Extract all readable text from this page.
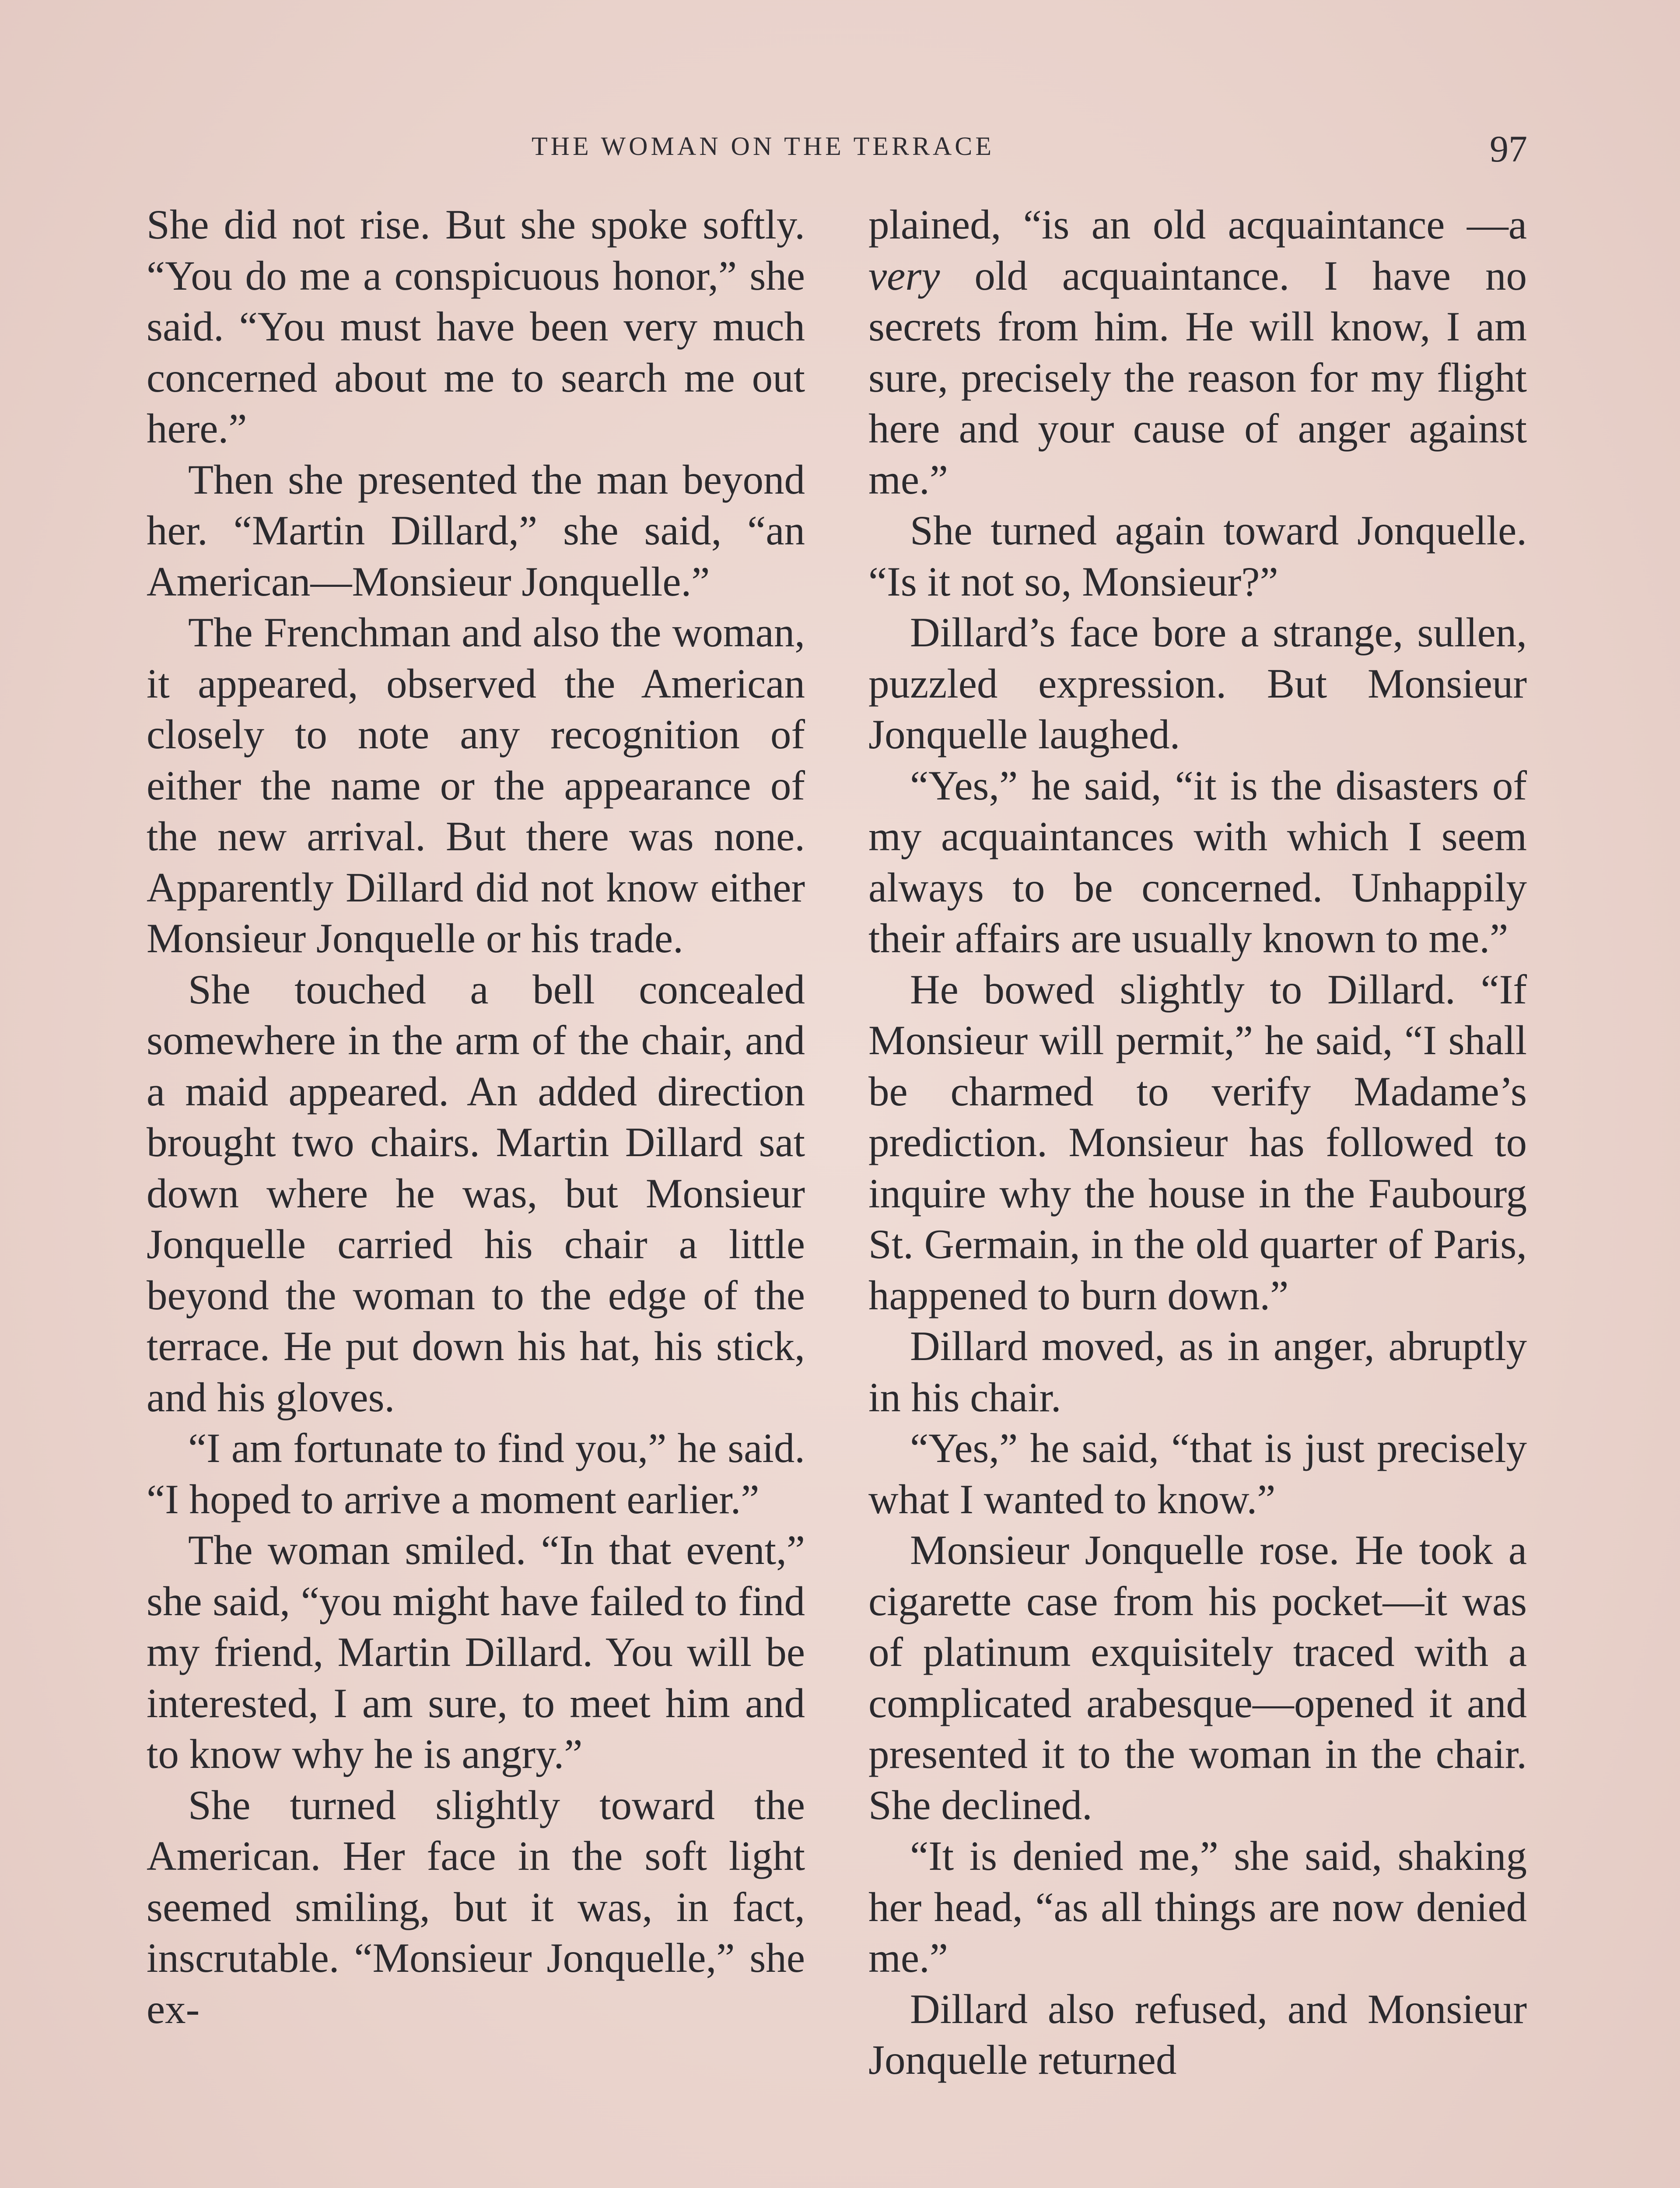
THE WOMAN ON THE TERRACE	97

She did not rise. But she spoke softly. “You do me a conspicuous honor,” she said. “You must have been very much concerned about me to search me out here.”

Then she presented the man beyond her. “Martin Dillard,” she said, “an American—Monsieur Jonquelle.”

The Frenchman and also the woman, it appeared, observed the American closely to note any recognition of either the name or the appearance of the new arrival. But there was none. Apparently Dillard did not know either Monsieur Jonquelle or his trade.

She touched a bell concealed somewhere in the arm of the chair, and a maid appeared. An added direction brought two chairs. Martin Dillard sat down where he was, but Monsieur Jonquelle carried his chair a little beyond the woman to the edge of the terrace. He put down his hat, his stick, and his gloves.

“I am fortunate to find you,” he said. “I hoped to arrive a moment earlier.”

The woman smiled. “In that event,” she said, “you might have failed to find my friend, Martin Dillard. You will be interested, I am sure, to meet him and to know why he is angry.”

She turned slightly toward the American. Her face in the soft light seemed smiling, but it was, in fact, inscrutable. “Monsieur Jonquelle,” she ex-

plained, “is an old acquaintance —a very old acquaintance. I have no secrets from him. He will know, I am sure, precisely the reason for my flight here and your cause of anger against me.”

She turned again toward Jonquelle. “Is it not so, Monsieur?”

Dillard’s face bore a strange, sullen, puzzled expression. But Monsieur Jonquelle laughed.

“Yes,” he said, “it is the disasters of my acquaintances with which I seem always to be concerned. Unhappily their affairs are usually known to me.”

He bowed slightly to Dillard. “If Monsieur will permit,” he said, “I shall be charmed to verify Madame’s prediction. Monsieur has followed to inquire why the house in the Faubourg St. Germain, in the old quarter of Paris, happened to burn down.”

Dillard moved, as in anger, abruptly in his chair.

“Yes,” he said, “that is just precisely what I wanted to know.”

Monsieur Jonquelle rose. He took a cigarette case from his pocket—it was of platinum exquisitely traced with a complicated arabesque—opened it and presented it to the woman in the chair. She declined.

“It is denied me,” she said, shaking her head, “as all things are now denied me.”

Dillard also refused, and Monsieur Jonquelle returned
